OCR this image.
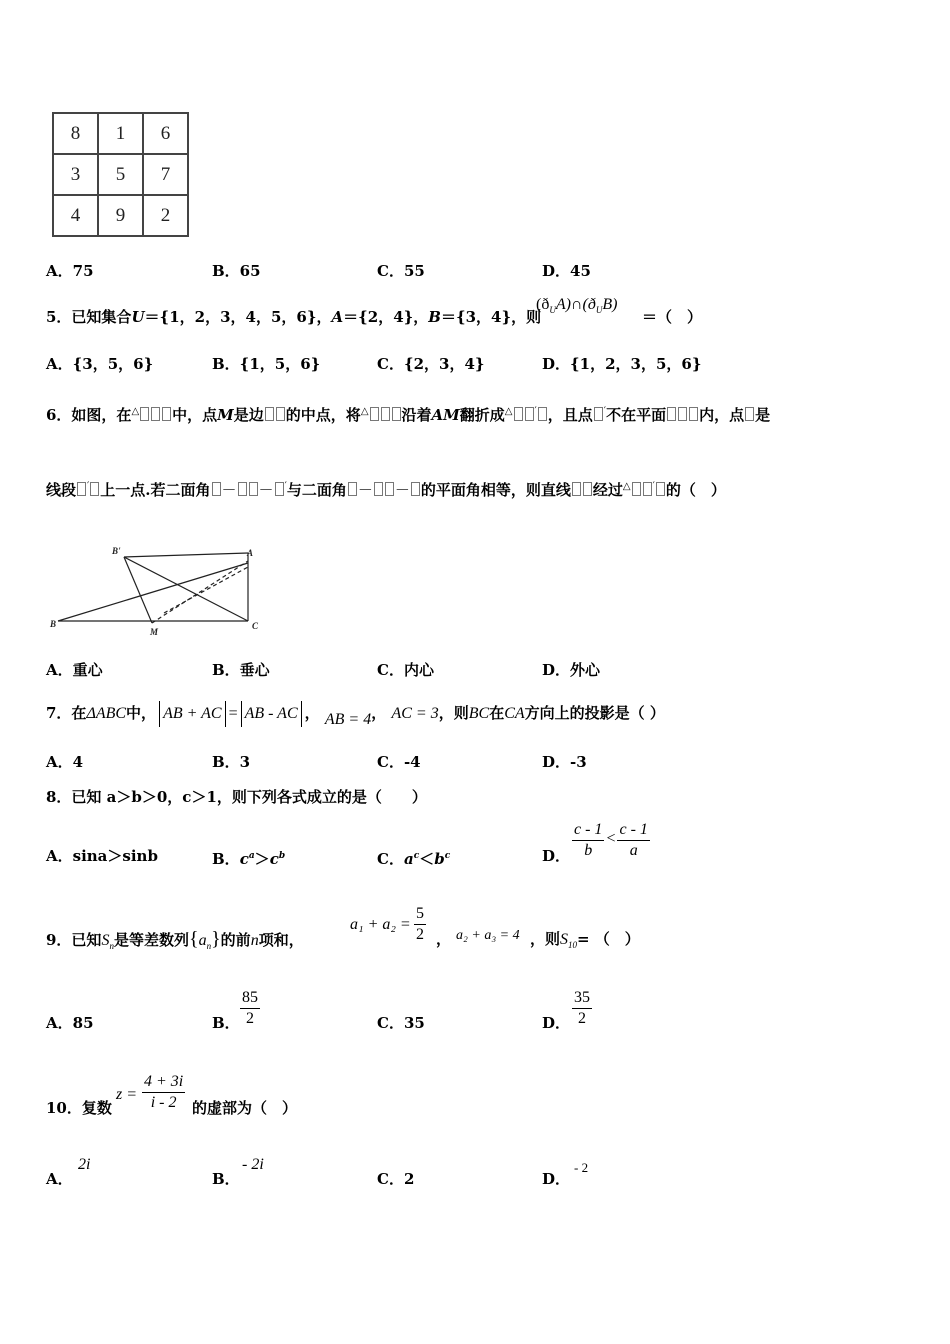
8	1	6
3	5	7
4	9	2
A．75	B．65	C．55	D．45
5．已知集合U＝{1，2，3，4，5，6}，A＝{2，4}，B＝{3，4}，则
$(ð_UA)\cap(ð_UB)$
＝（　）
A．{3，5，6}	B．{1，5，6}	C．{2，3，4}	D．{1，2，3，5，6}
6．如图，在△ 中，点M是边 的中点，将△ 沿着AM翻折成△ ′ ，且点 ′不在平面 内，点 是
线段 ′ 上一点.若二面角 － － ′与二面角 － － 的平面角相等，则直线 经过△ ′ 的（　）
B'	A
B
M
C
A．重心	B．垂心	C．内心	D．外心
7．在ΔABC中， AB + AC = AB - AC ， AB = 4， AC = 3，则BC在CA方向上的投影是（ ）
A．4	B．3	C．-4	D．-3
8．已知 a＞b＞0，c＞1，则下列各式成立的是（　　）
A．sina＞sinb	B．$c^a>c^b$	C．$a^c<b^c$	D． $\frac{c - 1}{b} < \frac{c - 1}{a}$
9．已知$S_n$是等差数列$\{a_n\}$的前n项和，
$a_1 + a_2 = \frac{5}{2}$ ， a₂ + a₃ = 4 ，则$S_{10}=$ （　）
A．85	B． $\frac{85}{2}$	C．35	D． $\frac{35}{2}$
10．复数
$z = \frac{4 + 3i}{i - 2}$ 的虚部为（　）
A．
2i
B．
- 2i
C．2	D．
- 2
